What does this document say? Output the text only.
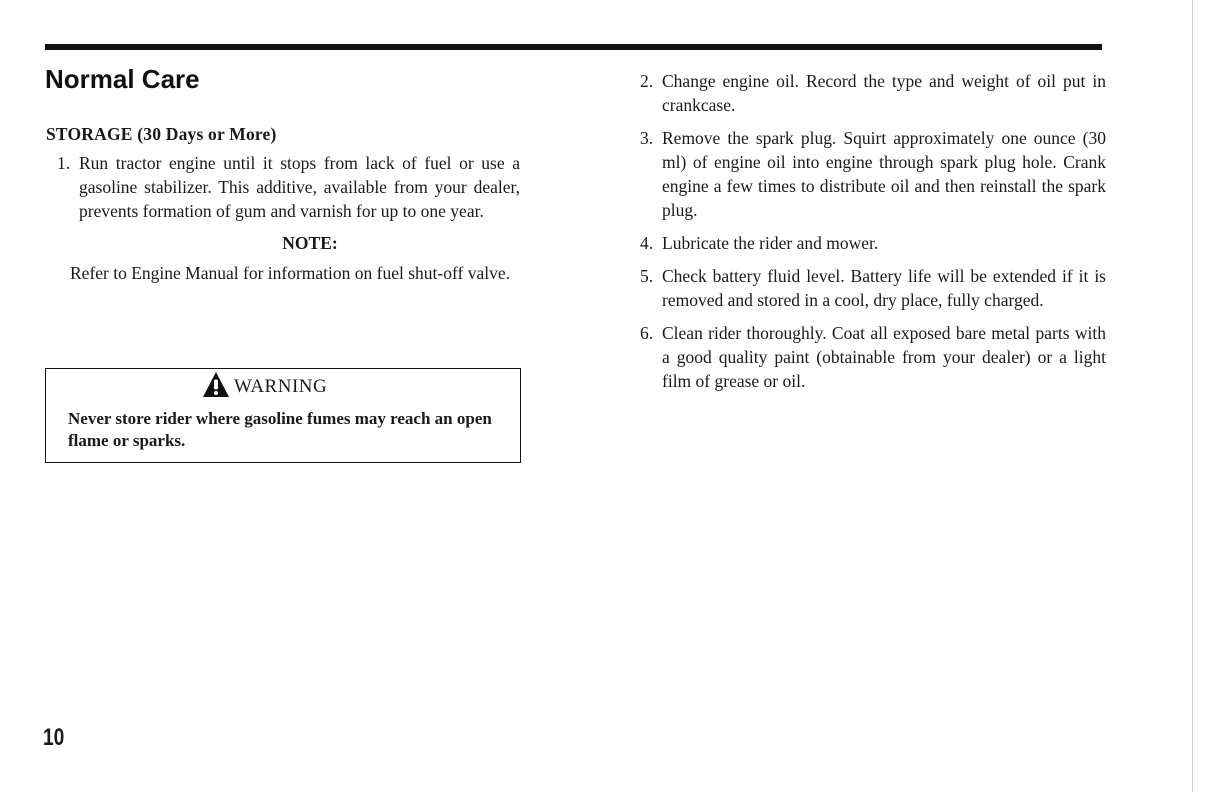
Normal Care
STORAGE (30 Days or More)
1. Run tractor engine until it stops from lack of fuel or use a gasoline stabilizer. This additive, available from your dealer, prevents formation of gum and varnish for up to one year.
NOTE:

Refer to Engine Manual for information on fuel shut-off valve.

WARNING
Never store rider where gasoline fumes may reach an open flame or sparks.
2. Change engine oil. Record the type and weight of oil put in crankcase.
3. Remove the spark plug. Squirt approximately one ounce (30 ml) of engine oil into engine through spark plug hole. Crank engine a few times to distribute oil and then reinstall the spark plug.
4. Lubricate the rider and mower.
5. Check battery fluid level. Battery life will be extended if it is removed and stored in a cool, dry place, fully charged.
6. Clean rider thoroughly. Coat all exposed bare metal parts with a good quality paint (obtainable from your dealer) or a light film of grease or oil.
10
